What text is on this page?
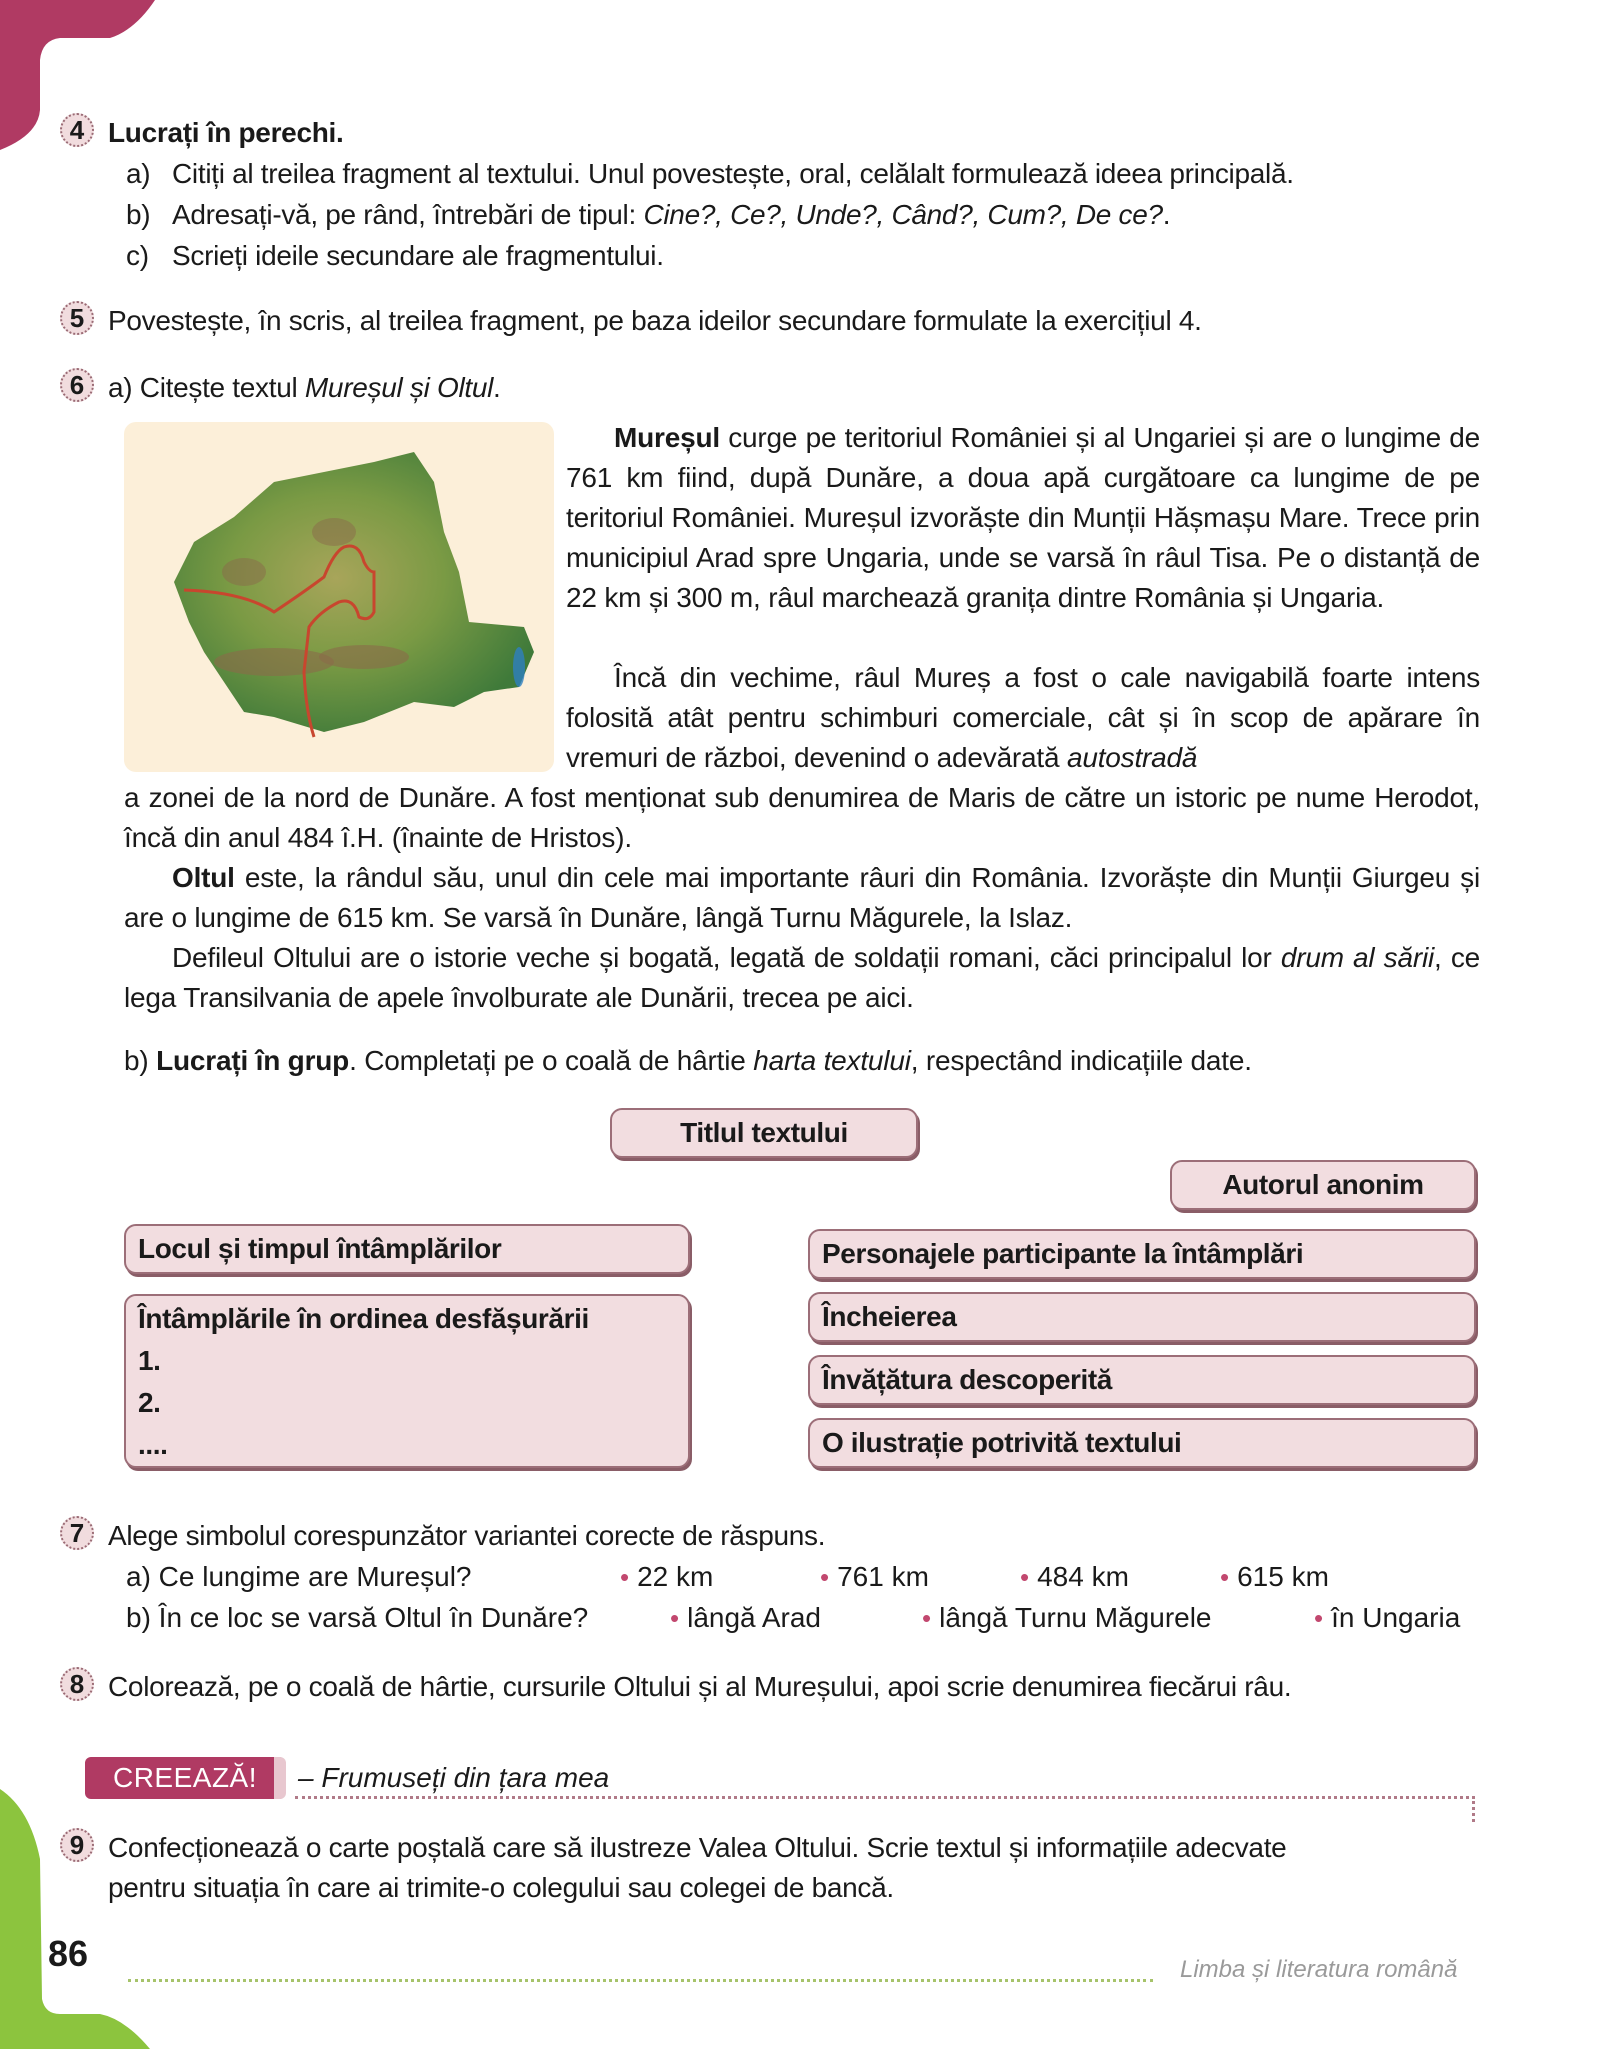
4 Lucrați în perechi.
a) Citiți al treilea fragment al textului. Unul povestește, oral, celălalt formulează ideea principală.
b) Adresați-vă, pe rând, întrebări de tipul: Cine?, Ce?, Unde?, Când?, Cum?, De ce?.
c) Scrieți ideile secundare ale fragmentului.
5 Povestește, în scris, al treilea fragment, pe baza ideilor secundare formulate la exercițiul 4.
6 a) Citește textul Mureșul și Oltul.
Mureșul curge pe teritoriul României și al Ungariei și are o lungime de 761 km fiind, după Dunăre, a doua apă curgătoare ca lungime de pe teritoriul României. Mureșul izvorăște din Munții Hășmașu Mare. Trece prin municipiul Arad spre Ungaria, unde se varsă în râul Tisa. Pe o distanță de 22 km și 300 m, râul marchează granița dintre România și Ungaria.
Încă din vechime, râul Mureș a fost o cale navigabilă foarte intens folosită atât pentru schimburi comerciale, cât și în scop de apărare în vremuri de război, devenind o adevărată autostradă
a zonei de la nord de Dunăre. A fost menționat sub denumirea de Maris de către un istoric pe nume Herodot, încă din anul 484 î.H. (înainte de Hristos).
Oltul este, la rândul său, unul din cele mai importante râuri din România. Izvorăște din Munții Giurgeu și are o lungime de 615 km. Se varsă în Dunăre, lângă Turnu Măgurele, la Islaz.
Defileul Oltului are o istorie veche și bogată, legată de soldații romani, căci principalul lor drum al sării, ce lega Transilvania de apele învolburate ale Dunării, trecea pe aici.
b) Lucrați în grup. Completați pe o coală de hârtie harta textului, respectând indicațiile date.
Titlul textului
Autorul anonim
Locul și timpul întâmplărilor	Personajele participante la întâmplări
Întâmplările în ordinea desfășurării
1.
2.
....
Încheierea
Învățătura descoperită
O ilustrație potrivită textului
7 Alege simbolul corespunzător variantei corecte de răspuns.
a) Ce lungime are Mureșul?	• 22 km	• 761 km	• 484 km	• 615 km
b) În ce loc se varsă Oltul în Dunăre?	• lângă Arad	• lângă Turnu Măgurele	• în Ungaria
8 Colorează, pe o coală de hârtie, cursurile Oltului și al Mureșului, apoi scrie denumirea fiecărui râu.
CREEAZĂ!	– Frumuseți din țara mea
9 Confecționează o carte poștală care să ilustreze Valea Oltului. Scrie textul și informațiile adecvate
pentru situația în care ai trimite-o colegului sau colegei de bancă.
86	Limba și literatura română
